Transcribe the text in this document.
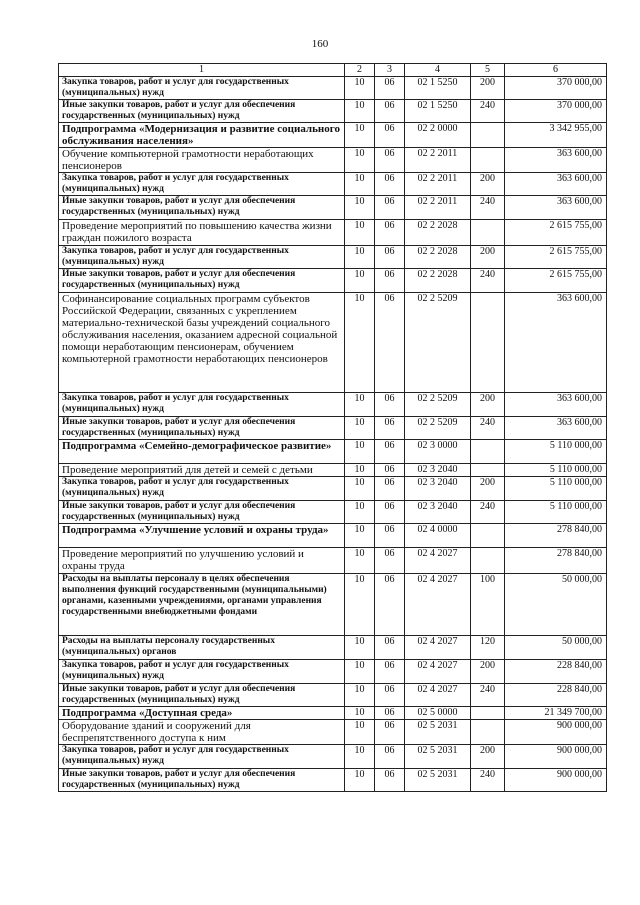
160
1	2	3	4	5	6
Закупка товаров, работ и услуг для государственных (муниципальных) нужд	10	06	02 1 5250	200	370 000,00
Иные закупки товаров, работ и услуг для обеспечения государственных (муниципальных) нужд	10	06	02 1 5250	240	370 000,00
Подпрограмма «Модернизация и развитие социального обслуживания населения»	10	06	02 2 0000		3 342 955,00
Обучение компьютерной грамотности неработающих пенсионеров	10	06	02 2 2011		363 600,00
Закупка товаров, работ и услуг для государственных (муниципальных) нужд	10	06	02 2 2011	200	363 600,00
Иные закупки товаров, работ и услуг для обеспечения государственных (муниципальных) нужд	10	06	02 2 2011	240	363 600,00
Проведение мероприятий по повышению качества жизни граждан пожилого возраста	10	06	02 2 2028		2 615 755,00
Закупка товаров, работ и услуг для государственных (муниципальных) нужд	10	06	02 2 2028	200	2 615 755,00
Иные закупки товаров, работ и услуг для обеспечения государственных (муниципальных) нужд	10	06	02 2 2028	240	2 615 755,00
Софинансирование социальных программ субъектов Российской Федерации, связанных с укреплением материально-технической базы учреждений социального обслуживания населения, оказанием адресной социальной помощи неработающим пенсионерам, обучением компьютерной грамотности неработающих пенсионеров	10	06	02 2 5209		363 600,00
Закупка товаров, работ и услуг для государственных (муниципальных) нужд	10	06	02 2 5209	200	363 600,00
Иные закупки товаров, работ и услуг для обеспечения государственных (муниципальных) нужд	10	06	02 2 5209	240	363 600,00
Подпрограмма «Семейно-демографическое развитие»	10	06	02 3 0000		5 110 000,00
Проведение мероприятий для детей и семей с детьми	10	06	02 3 2040		5 110 000,00
Закупка товаров, работ и услуг для государственных (муниципальных) нужд	10	06	02 3 2040	200	5 110 000,00
Иные закупки товаров, работ и услуг для обеспечения государственных (муниципальных) нужд	10	06	02 3 2040	240	5 110 000,00
Подпрограмма «Улучшение условий и охраны труда»	10	06	02 4 0000		278 840,00
Проведение мероприятий по улучшению условий и охраны труда	10	06	02 4 2027		278 840,00
Расходы на выплаты персоналу в целях обеспечения выполнения функций государственными (муниципальными) органами, казенными учреждениями, органами управления государственными внебюджетными фондами	10	06	02 4 2027	100	50 000,00
Расходы на выплаты персоналу государственных (муниципальных) органов	10	06	02 4 2027	120	50 000,00
Закупка товаров, работ и услуг для государственных (муниципальных) нужд	10	06	02 4 2027	200	228 840,00
Иные закупки товаров, работ и услуг для обеспечения государственных (муниципальных) нужд	10	06	02 4 2027	240	228 840,00
Подпрограмма «Доступная среда»	10	06	02 5 0000		21 349 700,00
Оборудование зданий и сооружений для беспрепятственного доступа к ним	10	06	02 5 2031		900 000,00
Закупка товаров, работ и услуг для государственных (муниципальных) нужд	10	06	02 5 2031	200	900 000,00
Иные закупки товаров, работ и услуг для обеспечения государственных (муниципальных) нужд	10	06	02 5 2031	240	900 000,00
